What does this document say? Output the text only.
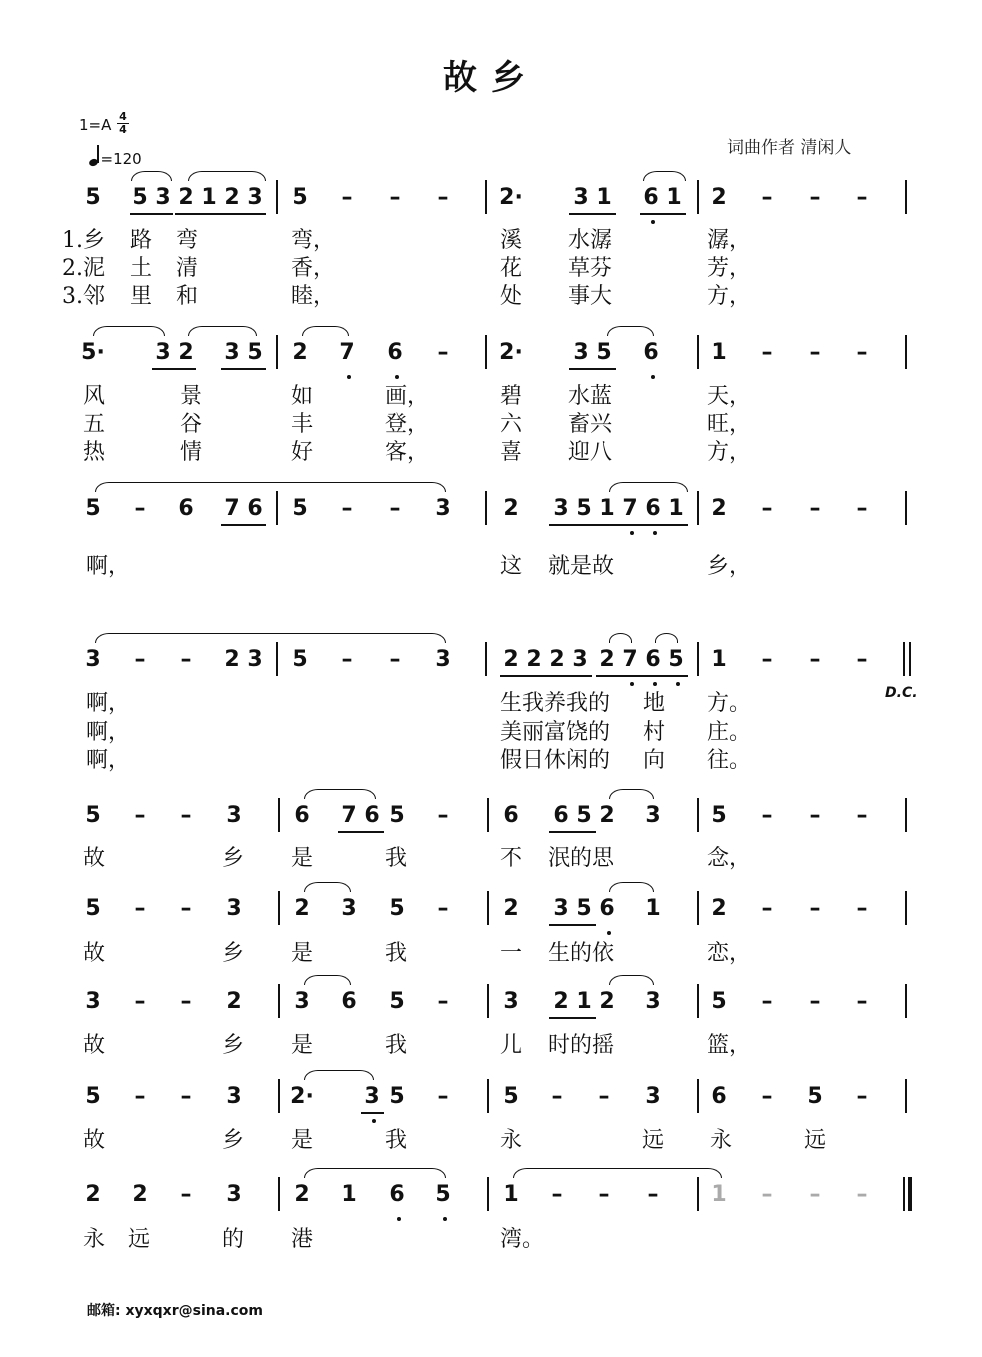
故乡
1=A 4
4
=120
词曲作者 清闲人
D.C.
邮箱: xyxqxr@sina.com
5 5 3 2 1 2 3 5 – – – 2· 3 1 6 1 2 – – –
1.乡 路 弯	弯，	溪 水潺	潺，
2.泥 土 清	香，	花 草芬	芳，
3.邻 里 和	睦，	处 事大	方，
5· 3 2 3 5 2 7 6 – 2· 3 5 6 1 – – –
风	景	如	画，	碧 水蓝	天，
五	谷	丰	登，	六 畜兴	旺，
热	情	好	客，	喜 迎八	方，
5 – 6 7 6 5 – – 3 2 3 5 1 7 6 1 2 – – –
啊，	这 就是故	乡，
3 – – 2 3 5 – – 3 2 2 2 3 2 7 6 5 1 – – –
啊，	生我养我的 地 方。
啊，	美丽富饶的 村 庄。
啊，	假日休闲的 向 往。
5 – – 3 6 7 6 5 – 6 6 5 2 3 5 – – –
故	乡 是	我	不 泯的思	念，
5 – – 3 2 3 5 – 2 3 5 6 1 2 – – –
故	乡 是	我	一 生的依	恋，
3 – – 2 3 6 5 – 3 2 1 2 3 5 – – –
故	乡 是	我	儿 时的摇	篮，
5 – – 3 2· 3 5 – 5 – – 3 6 – 5 –
故	乡 是	我	永	远 永	远
2 2 – 3 2 1 6 5 1 – – – 1 – – –
永 远	的 港	湾。
